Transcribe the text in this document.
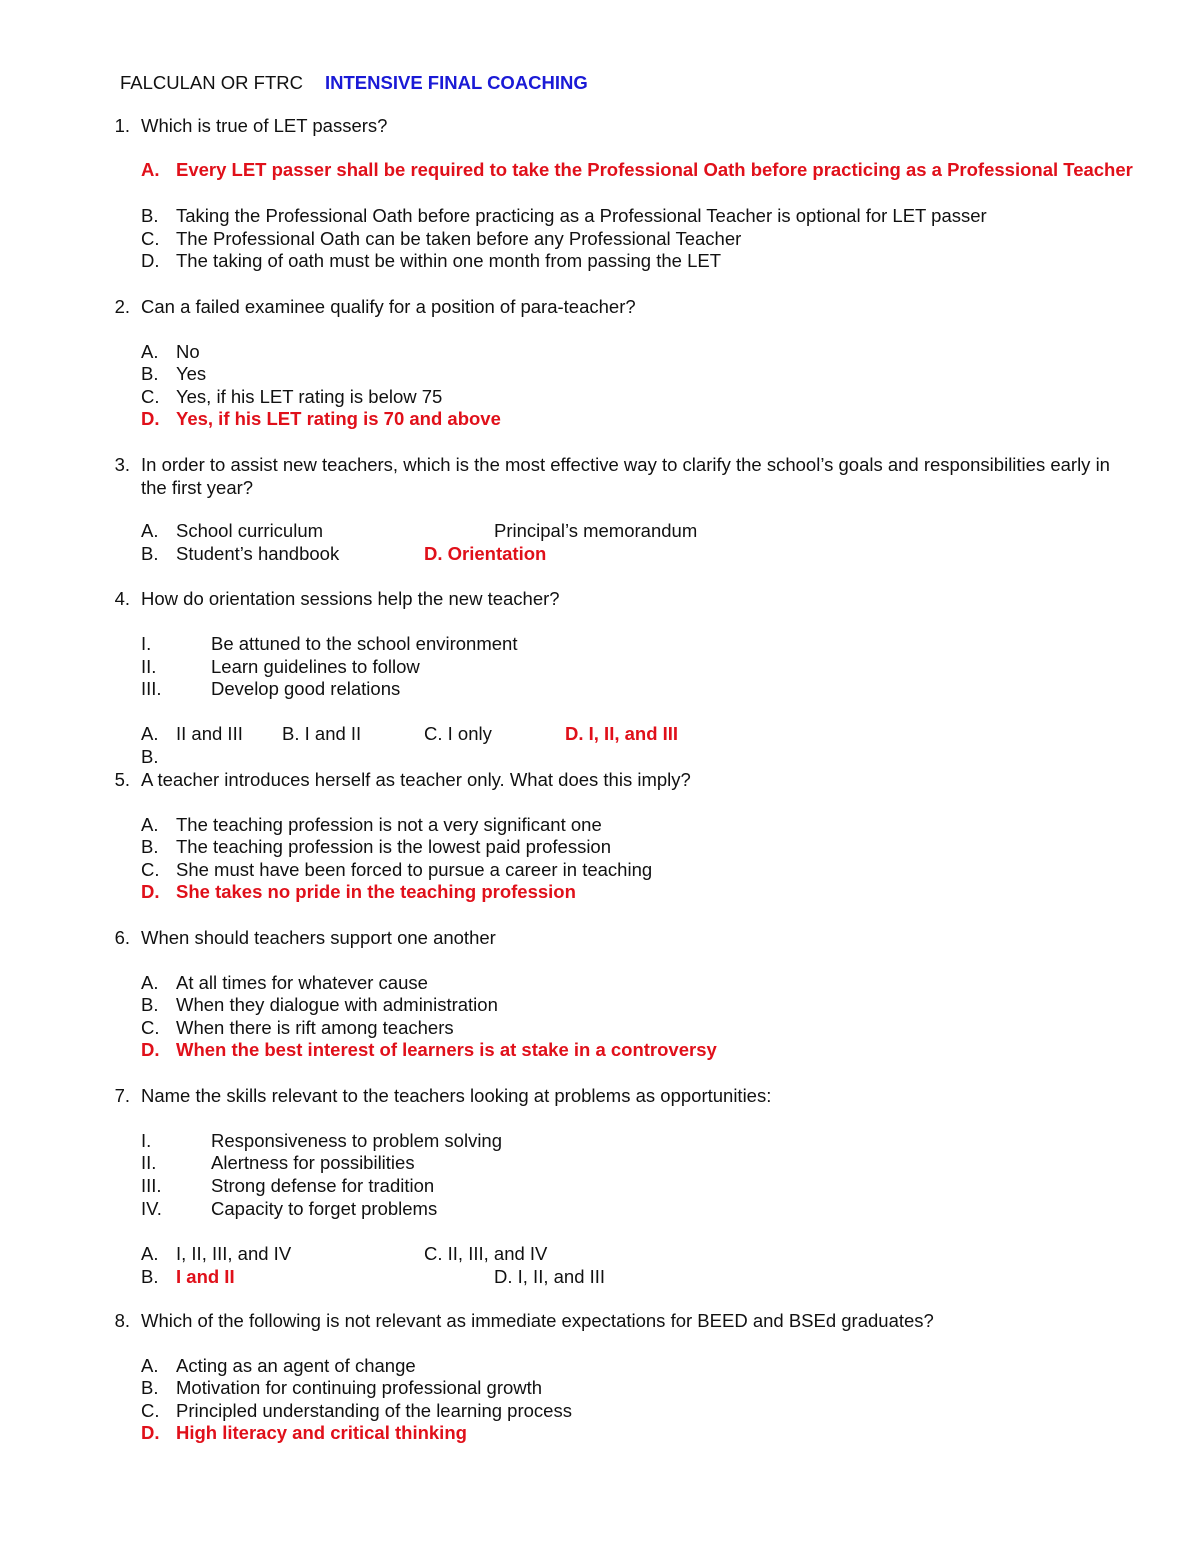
FALCULAN OR FTRC INTENSIVE FINAL COACHING
1. Which is true of LET passers?
A. Every LET passer shall be required to take the Professional Oath before practicing as a Professional Teacher
B. Taking the Professional Oath before practicing as a Professional Teacher is optional for LET passer
C. The Professional Oath can be taken before any Professional Teacher
D. The taking of oath must be within one month from passing the LET
2. Can a failed examinee qualify for a position of para-teacher?
A. No
B. Yes
C. Yes, if his LET rating is below 75
D. Yes, if his LET rating is 70 and above
3. In order to assist new teachers, which is the most effective way to clarify the school’s goals and responsibilities early in the first year?
A. School curriculum	Principal’s memorandum
B. Student’s handbook	D. Orientation
4. How do orientation sessions help the new teacher?
I.	Be attuned to the school environment
II.	Learn guidelines to follow
III.	Develop good relations
A. II and III B. I and II	C. I only	D. I, II, and III
B.
5. A teacher introduces herself as teacher only. What does this imply?
A. The teaching profession is not a very significant one
B. The teaching profession is the lowest paid profession
C. She must have been forced to pursue a career in teaching
D. She takes no pride in the teaching profession
6. When should teachers support one another
A. At all times for whatever cause
B. When they dialogue with administration
C. When there is rift among teachers
D. When the best interest of learners is at stake in a controversy
7. Name the skills relevant to the teachers looking at problems as opportunities:
I.	Responsiveness to problem solving
II.	Alertness for possibilities
III.	Strong defense for tradition
IV.	Capacity to forget problems
A. I, II, III, and IV	C. II, III, and IV
B. I and II	D. I, II, and III
8. Which of the following is not relevant as immediate expectations for BEED and BSEd graduates?
A. Acting as an agent of change
B. Motivation for continuing professional growth
C. Principled understanding of the learning process
D. High literacy and critical thinking
